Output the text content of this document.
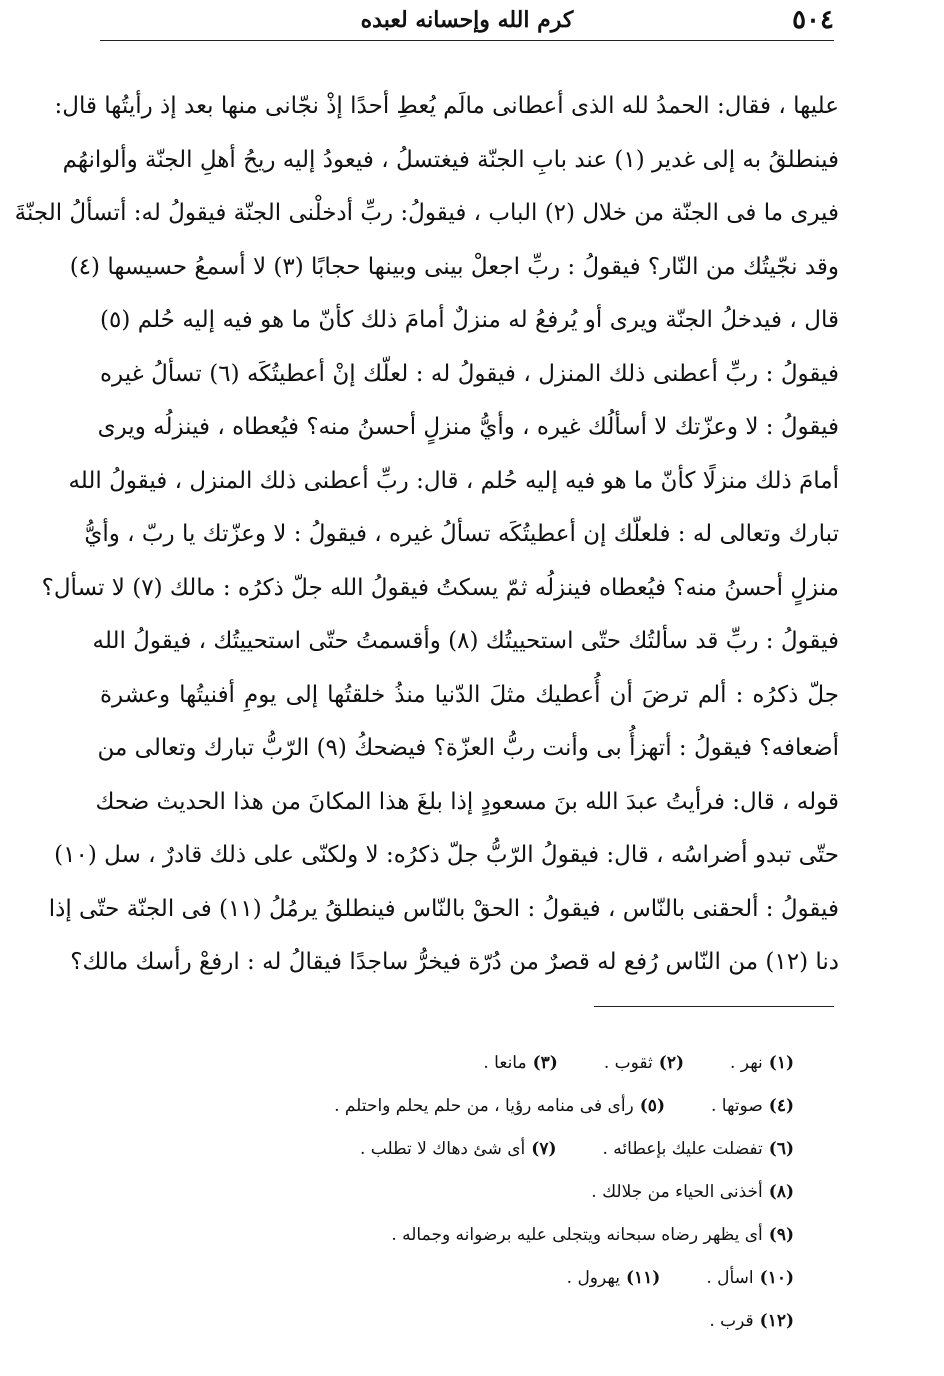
٥٠٤
كرم الله وإحسانه لعبده
عليها ، فقال: الحمدُ لله الذى أعطانى مالَم يُعطِ أحدًا إذْ نجّانى منها بعد إذ رأيتُها قال:
فينطلقُ به إلى غدير (١) عند بابِ الجنّة فيغتسلُ ، فيعودُ إليه ريحُ أهلِ الجنّة وألوانهُم
فيرى ما فى الجنّة من خلال (٢) الباب ، فيقولُ: ربِّ أدخلْنى الجنّة فيقولُ له: أتسألُ الجنّةَ
وقد نجّيتُك من النّار؟ فيقولُ : ربِّ اجعلْ بينى وبينها حجابًا (٣) لا أسمعُ حسيسها (٤)
قال ، فيدخلُ الجنّة ويرى أو يُرفعُ له منزلٌ أمامَ ذلك كأنّ ما هو فيه إليه حُلم (٥)
فيقولُ : ربِّ أعطنى ذلك المنزل ، فيقولُ له : لعلّك إنْ أعطيتُكَه (٦) تسألُ غيره
فيقولُ : لا وعزّتك لا أسألُك غيره ، وأيُّ منزلٍ أحسنُ منه؟ فيُعطاه ، فينزلُه ويرى
أمامَ ذلك منزلًا كأنّ ما هو فيه إليه حُلم ، قال: ربِّ أعطنى ذلك المنزل ، فيقولُ الله
تبارك وتعالى له : فلعلّك إن أعطيتُكَه تسألُ غيره ، فيقولُ : لا وعزّتك يا ربّ ، وأيُّ
منزلٍ أحسنُ منه؟ فيُعطاه فينزلُه ثمّ يسكتُ فيقولُ الله جلّ ذكرُه : مالك (٧) لا تسأل؟
فيقولُ : ربِّ قد سألتُك حتّى استحييتُك (٨) وأقسمتُ حتّى استحييتُك ، فيقولُ الله
جلّ ذكرُه : ألم ترضَ أن أُعطيك مثلَ الدّنيا منذُ خلقتُها إلى يومِ أفنيتُها وعشرة
أضعافه؟ فيقولُ : أتهزأُ بى وأنت ربُّ العزّة؟ فيضحكُ (٩) الرّبُّ تبارك وتعالى من
قوله ، قال: فرأيتُ عبدَ الله بنَ مسعودٍ إذا بلغَ هذا المكانَ من هذا الحديث ضحك
حتّى تبدو أضراسُه ، قال: فيقولُ الرّبُّ جلّ ذكرُه: لا ولكنّى على ذلك قادرٌ ، سل (١٠)
فيقولُ : ألحقنى بالنّاس ، فيقولُ : الحقْ بالنّاس فينطلقُ يرمُلُ (١١) فى الجنّة حتّى إذا
دنا (١٢) من النّاس رُفع له قصرٌ من دُرّة فيخرُّ ساجدًا فيقالُ له : ارفعْ رأسك مالك؟
(١)نهر .(٢)ثقوب .(٣)مانعا .
(٤)صوتها .(٥)رأى فى منامه رؤيا ، من حلم يحلم واحتلم .
(٦)تفضلت عليك بإعطائه .(٧)أى شئ دهاك لا تطلب .
(٨)أخذنى الحياء من جلالك .
(٩)أى يظهر رضاه سبحانه ويتجلى عليه برضوانه وجماله .
(١٠)اسأل .(١١)يهرول .
(١٢)قرب .
